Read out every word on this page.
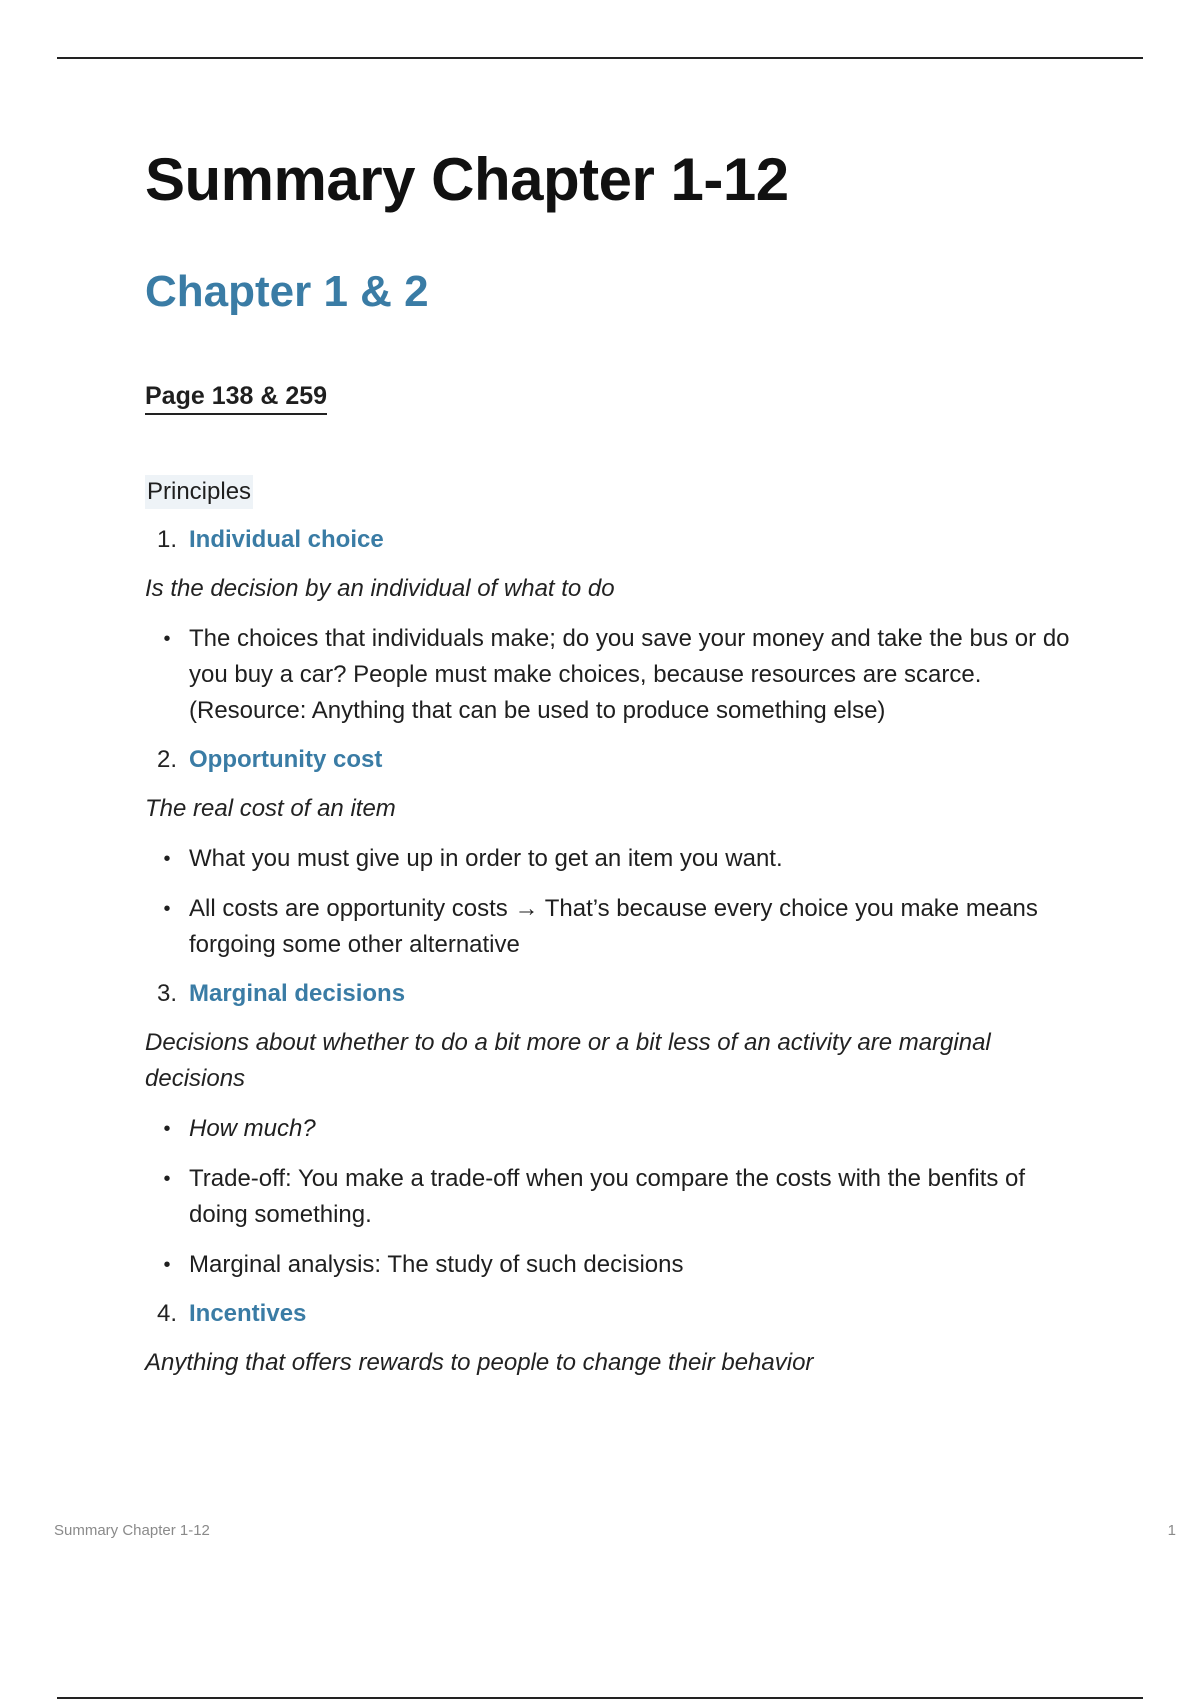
Summary Chapter 1-12
Chapter 1 & 2
Page 138 & 259
Principles
1. Individual choice

Is the decision by an individual of what to do

• The choices that individuals make; do you save your money and take the bus or do you buy a car? People must make choices, because resources are scarce. (Resource: Anything that can be used to produce something else)
2. Opportunity cost

The real cost of an item

• What you must give up in order to get an item you want.
• All costs are opportunity costs → That’s because every choice you make means forgoing some other alternative
3. Marginal decisions

Decisions about whether to do a bit more or a bit less of an activity are marginal decisions

• How much?
• Trade-off: You make a trade-off when you compare the costs with the benfits of doing something.
• Marginal analysis: The study of such decisions
4. Incentives

Anything that offers rewards to people to change their behavior

Summary Chapter 1-12	1
